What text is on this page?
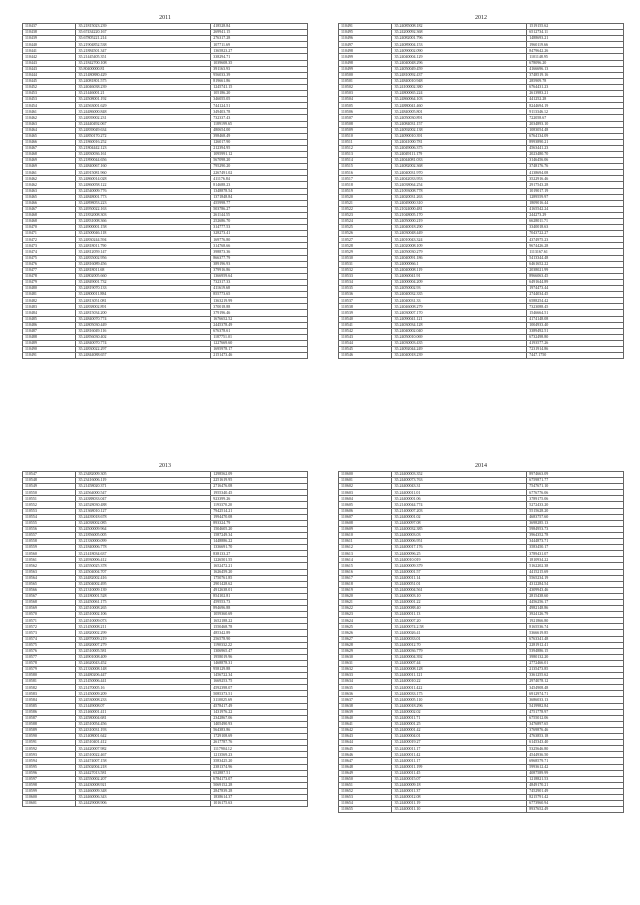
2011
110437	35.21815023.239	418528.84
110438	35.67434220.167	269941.15
110439	35.67805221.214	276317.28
110440	35.21904852.538	107711.69
110441	35.21884501.347	1365823.27
110442	35.21445405.351	338294.71
110443	35.21842700.108	1039608.35
110443	35.80400000.81	391163.93
110444	35.21480880.429	956033.39
110445	35.24081801.575	819661.86
110452	35.24046038.239	1245741.15
110453	35.21446001.21	105186.20
110453	35.24508001.192	346055.05
110454	35.24563001.629	744124.51
110461	35.24486000.848	349403.78
110462	35.24839002.231	732337.43
110463	35.24440492.067	1189199.65
110464	35.24839049.634	480654.00
110465	35.24850170.272	398468.49
110466	35.21860016.252	126017.90
110467	35.21804442.123	212394.95
110468	35.24830036.161	1095991.12
110469	35.21890044.656	567098.20
110469	35.24840067.160	795290.20
110461	35.24915081.960	2267491.02
110462	35.24860014.028	411176.84
110462	35.24860058.122	814688.23
110463	35.24540009.776	1348878.54
110465	35.24848001.773	1371848.84
110466	35.24898053.223	455998.77
110467	35.24950022.163	503786.27
110468	35.21832008.303	261144.55
110468	35.24831008.366	252686.70
110470	35.24900001.158	314777.53
110471	35.24500046.118	328273.41
110472	35.24830244.594	169776.80
110473	35.24818011.790	314768.66
110474	35.24812059.147	398873.36
110475	35.24835002.956	866377.79
110476	35.24816089.456	389196.93
110477	35.24818011.68	379916.86
110478	35.24802005.660	1366959.64
110479	35.24849001.732	732317.33
110480	35.24819070.133	411619.68
110481	35.24800011.884	855773.65
110482	35.24813051.081	1363219.99
110483	35.24838002.891	370018.88
110484	35.24815034.200	379196.46
110485	35.24840070.774	1676652.52
110486	35.24805030.449	2445378.49
110487	35.24816049.116	676378.61
110488	35.24856030.402	1187751.01
110489	35.24840070.774	1227669.60
110490	35.24830022.297	1695978.17
110491	35.24844088.657	2151473.46
2012
110491	35.24085008.182	1519155.62
110495	35.24200092.368	6512734.11
110496	35.24082001.796	1488693.21
110497	35.24089004.153	1960119.66
110498	35.24090002.090	8479642.26
110499	35.24040004.129	1101148.95
110498	35.24040048.296	678096.20
110499	35.24050049.459	4166696.13
110500	35.24810092.437	3748519.16
110501	35.24840010.948	285909.78
110502	35.24100002.380	6764431.23
110503	35.24800065.224	2613983.21
110504	35.24860064.103	441252.28
110505	35.24880041.460	8244694.19
110506	35.24840005.801	9113346.12
110507	35.24050030.891	722058.67
110508	35.24084031.157	2034893.10
110509	35.24092002.138	1083054.48
110510	35.24090010.391	6764134.09
110511	35.24041000.781	8993890.21
110512	35.24049006.375	4563441.23
110513	35.24049111.179	2023480.70
110514	35.24044081.033	3146456.06
110515	35.24082002.368	3748176.76
110516	35.24040031.970	4138694.08
110517	35.24042033.953	3522916.46
110518	35.24038064.254	2917543.28
110519	35.21093008.778	1019017.19
110520	35.24020031.263	1289559.97
110521	35.24049000.310	1809016.44
110522	35.21024000.481	4165542.24
110523	35.21048005.170	244273.29
110524	35.24050000.219	6628011.71
110525	35.24040018.290	3340018.63
110526	35.24030048.449	7043722.27
110527	35.24010043.324	4374975.23
110528	35.24020008.109	9674426.28
110529	35.24050030.279	1113167.61
110530	35.24040091.186	5413344.48
110531	35.24000066.1	6461652.22
110532	35.24040008.119	2038021.99
110533	35.24060041.91	8966063.45
110534	35.24000004.209	6491644.89
110535	35.24050002.93	1974473.44
110536	35.24040032.335	2744034.45
110537	35.24040031.33	6588254.42
110538	35.24046008.279	7323088.45
110539	35.24030007.170	1546664.51
110540	35.24090041.121	4174148.08
110541	35.24030034.128	1004933.40
110542	35.24040002.040	3389492.51
110543	35.24050010.069	6732498.80
110544	35.24030003.435	4193577.26
110545	35.24092044.249	7231914.86
110546	35.24040018.239	7447.1750
2013
110547	35.23482009.305	1298562.09
110548	35.23416006.119	2251619.95
110549	35.21458020.371	2716476.08
110550	35.24564000.547	1955340.45
110551	35.24388033.047	923399.26
110552	35.24528030.488	1193370.20
110553	35.21368010.127	7942514.21
110554	35.24439018.678	1994470.08
110555	35.24038002.085	893324.79
110556	35.24500009.964	1504605.20
110557	35.21856005.005	1587249.34
110558	35.21330000.099	1448886.22
110559	35.21840006.778	1336691.70
110560	35.21418034.637	838133.27
110561	35.24930006.412	1226501.55
110562	35.24550025.378	1652472.21
110563	35.24504004.707	1626459.20
110564	35.24482002.416	1750761.85
110565	35.24504002.495	2901428.62
110566	35.21310009.139	4912638.01
110567	35.24180001.528	854102.81
110568	35.24450061.175	459553.73
110569	35.24510008.265	894696.88
110570	35.24510002.106	1059360.69
110571	35.24510009.073	1652188.22
110572	35.21450008.211	1550468.78
110573	35.24820002.299	485342.89
110574	35.24870009.219	256578.90
110575	35.24820007.279	1190332.22
110576	35.24510005.581	1306965.47
110577	35.24901008.409	1958019.96
110578	35.24620043.452	1468878.31
110579	35.21330008.148	958129.88
110580	35.24480206.447	1456722.34
110581	35.21450006.441	1669253.75
110582	35.21470005.16	4592398.07
110583	35.21450009.209	5085373.51
110584	35.24530008.233	3110025.69
110585	35.21449008.07	4578417.49
110586	35.21460001.411	1431976.22
110587	35.24580004.681	2342867.06
110588	35.24510054.456	1405490.93
110589	35.24310031.193	564383.86
110590	35.21408001.642	1729108.69
110591	35.24510401.412	2617787.76
110592	35.24420007.982	1117904.12
110593	35.24510022.467	1213569.23
110594	35.24474007.158	3583425.20
110595	35.24502004.218	2381374.96
110596	35.24427013.581	652887.51
110597	35.24550002.207	6784173.07
110598	35.24430008.921	5069152.28
110599	35.24460009.348	2847839.28
110600	35.24460006.343	1838614.37
110601	35.24429008.906	1016175.63
2014
110600	35.24400003.352	8974663.09
110601	35.24400073.763	6759871.77
110602	35.24400043.31	7547671.10
110603	35.24400011.01	6776776.06
110604	35.24400001.06	3789175.06
110605	35.21400044.774	5272433.20
110606	35.21400007.203	5515628.20
110607	35.24400001.02	4683757.60
110608	35.24400097.08	3698285.13
110609	35.24400032.385	5984953.73
110610	35.24400003.03	3964352.78
110611	35.24400006.951	3444873.71
110612	35.24400017.176	3583450.17
110613	35.24400096.25	3789431.07
110614	35.2440010.019	1810934.22
110615	35.24400009.379	5162202.38
110616	35.24400001.57	4415215.69
110617	35.24400011.14	5565234.19
110618	35.24400051.01	4312284.54
110619	35.24400004.561	4309943.46
110620	35.24400003.10	2815438.60
110621	35.24400001.22	4456256.17
110622	35.24400088.40	4982148.86
110623	35.24400011.13	3924126.79
110624	35.24400007.20	1921866.80
110625	35.24400074.2.58	8165536.74
110626	35.24400026.41	5366619.85
110627	35.24400033.01	6763341.48
110628	35.24400012.70	2281912.41
110629	35.24400036.779	5394886.15
110630	35.24400004.392	3980132.20
110631	35.24400007.44	2772466.01
110632	35.24400008.128	2135473.85
110633	35.24400011.121	3361255.62
110634	35.24400010.22	2974078.12
110635	35.24400011.422	3454908.48
110636	35.24400033.175	6912974.71
110637	35.24400005.110	3686033.13
110638	35.24400018.296	5419982.84
110639	35.24400002.02	4751778.97
110640	35.24400011.71	6755012.06
110641	35.24400001.25	3476897.65
110642	35.24400001.42	3769876.46
110643	35.24400004.01	4763853.18
110644	35.24400019.27	6145343.40
110645	35.24400011.17	5325646.80
110646	35.24400011.42	4544936.50
110647	35.24400011.17	6968579.71
110648	35.24400011.199	5993612.42
110649	35.24400011.45	4087589.99
110650	35.24400015.07	1218821.53
110651	35.24400009.18	4849170.21
110652	35.24400011.37	7452901.49
110653	35.24400012.08	8215791.42
110654	35.24400011.19	6773960.94
110655	35.24400011.10	8937652.49
